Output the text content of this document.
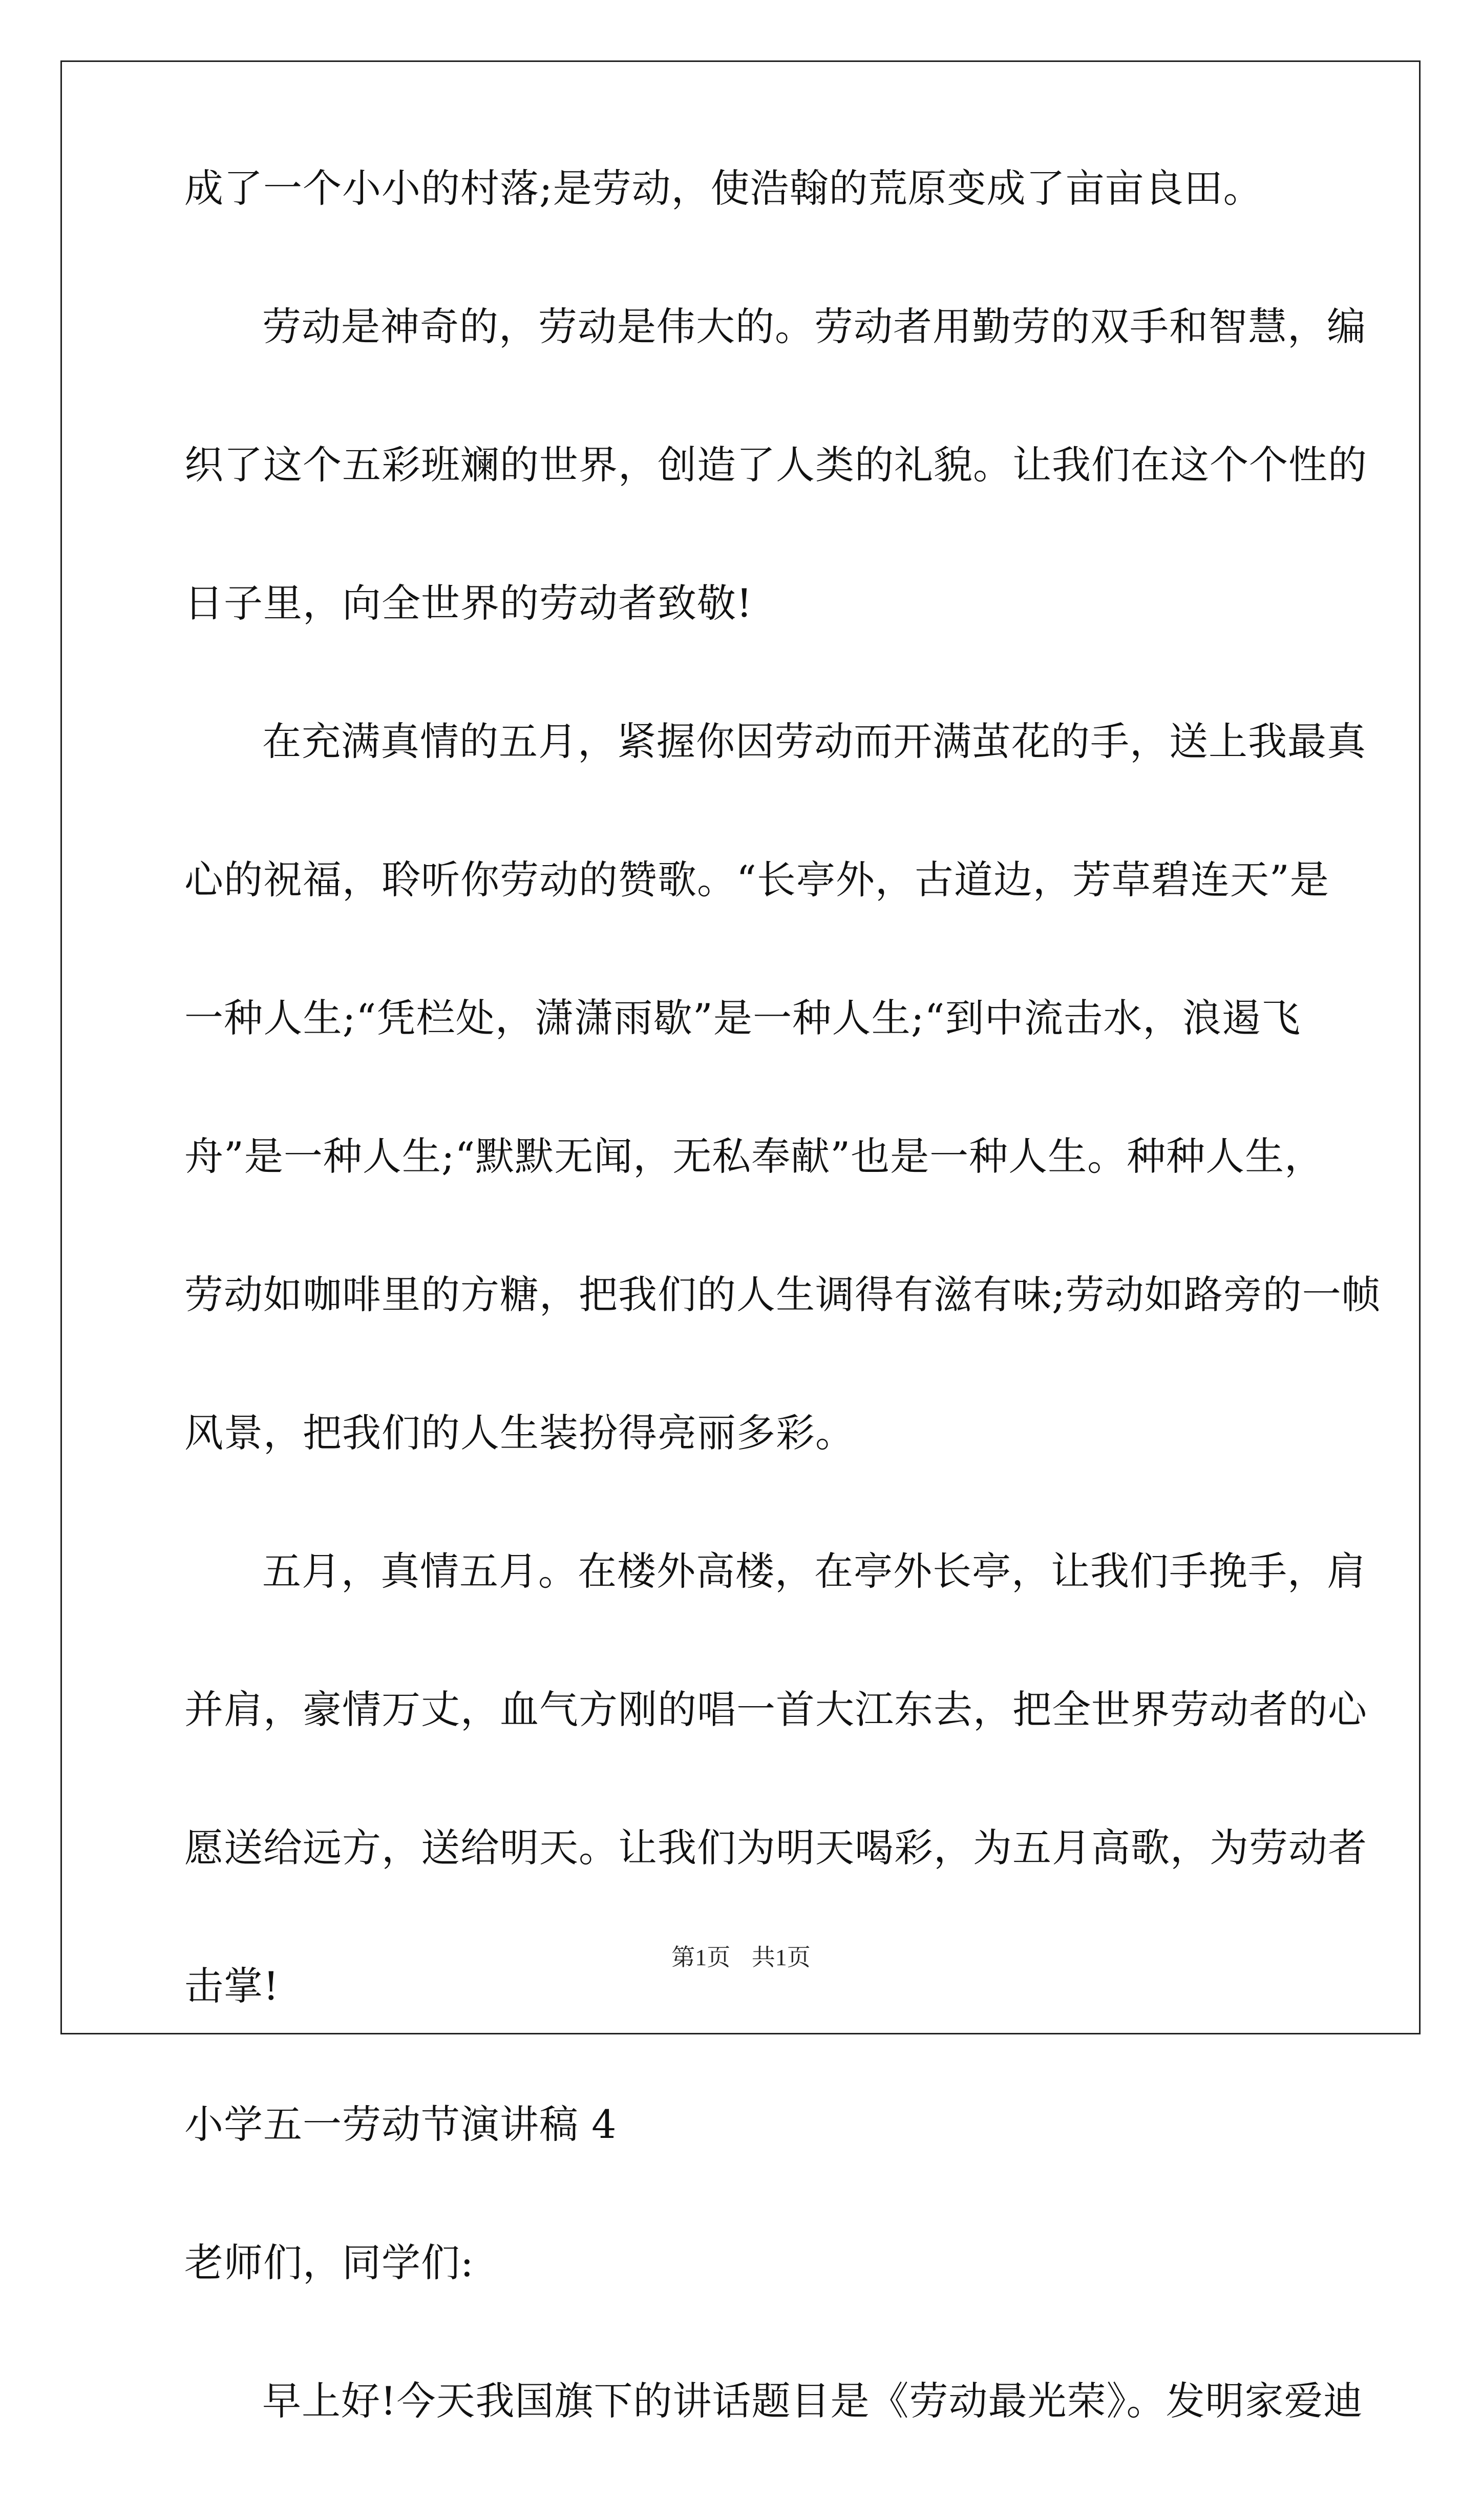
成了一个小小的村落;是劳动，使浩翰的荒原变成了亩亩良田。
劳动是神奇的，劳动是伟大的。劳动者用勤劳的双手和智慧，编
织了这个五彩班斓的世界，创造了人类的礼貌。让我们在这个个性的
日子里，向全世界的劳动者致敬!
在充满真情的五月，紧握你因劳动而开满茧花的手，送上我最真
心的祝福，聆听你劳动的赞歌。“长亭外，古道边，芳草碧连天”是
一种人生;“凭栏处，潇潇雨歇”是一种人生;“到中流击水，浪遏飞
舟”是一种人生;“默默无闻，无私奉献”也是一种人生。种种人生，
劳动如咖啡里的方糖，把我们的人生调得有滋有味;劳动如路旁的一帧
风景，把我们的人生装扮得亮丽多彩。
五月，真情五月。在楼外高楼，在亭外长亭，让我们手挽手，肩
并肩，豪情万丈，血气方刚的唱一首大江东去，把全世界劳动者的心
愿送给远方，送给明天。让我们为明天喝彩，为五月高歌，为劳动者
击掌!
小学五一劳动节演讲稿 4
老师们，同学们:
早上好!今天我国旗下的讲话题目是《劳动最光荣》。发明家爱迪
第1页 共1页
